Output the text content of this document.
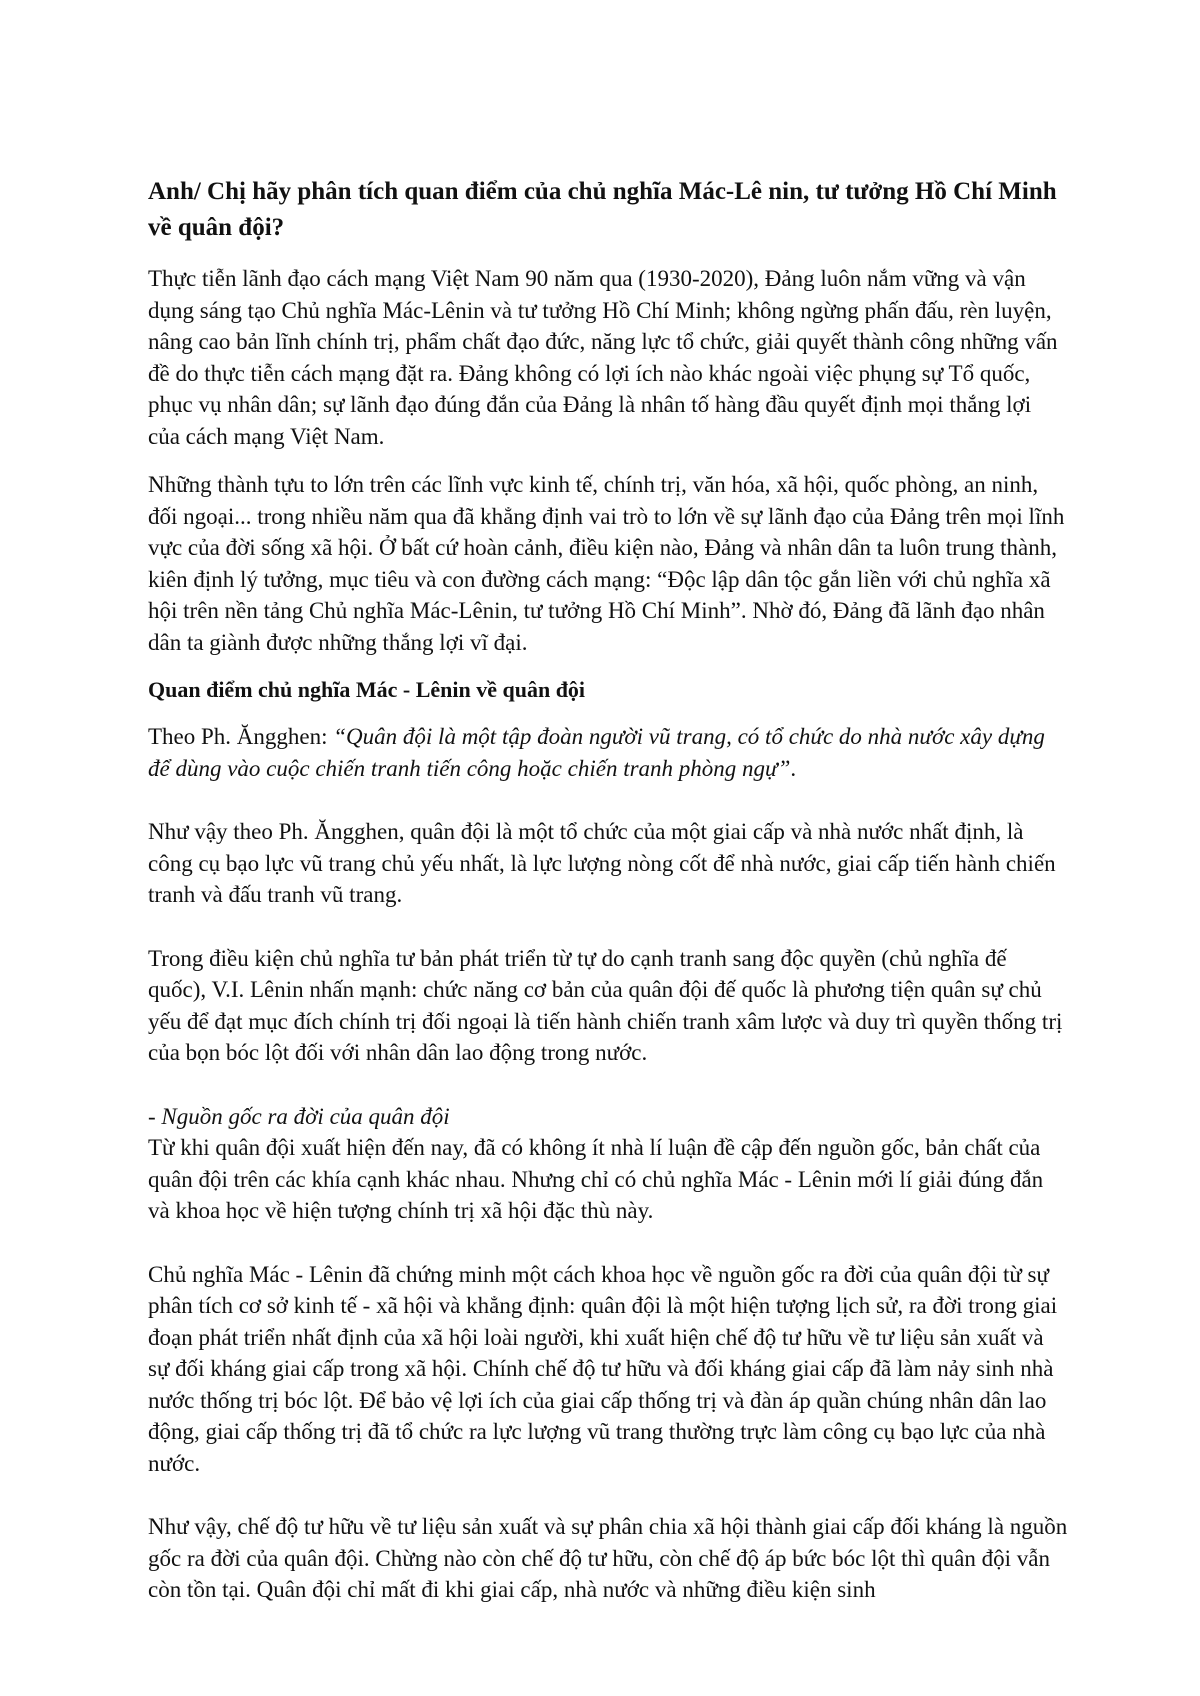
Anh/ Chị hãy phân tích quan điểm của chủ nghĩa Mác-Lê nin, tư tưởng Hồ Chí Minh về quân đội?

Thực tiễn lãnh đạo cách mạng Việt Nam 90 năm qua (1930-2020), Đảng luôn nắm vững và vận dụng sáng tạo Chủ nghĩa Mác-Lênin và tư tưởng Hồ Chí Minh; không ngừng phấn đấu, rèn luyện, nâng cao bản lĩnh chính trị, phẩm chất đạo đức, năng lực tổ chức, giải quyết thành công những vấn đề do thực tiễn cách mạng đặt ra. Đảng không có lợi ích nào khác ngoài việc phụng sự Tổ quốc, phục vụ nhân dân; sự lãnh đạo đúng đắn của Đảng là nhân tố hàng đầu quyết định mọi thắng lợi của cách mạng Việt Nam.

Những thành tựu to lớn trên các lĩnh vực kinh tế, chính trị, văn hóa, xã hội, quốc phòng, an ninh, đối ngoại... trong nhiều năm qua đã khẳng định vai trò to lớn về sự lãnh đạo của Đảng trên mọi lĩnh vực của đời sống xã hội. Ở bất cứ hoàn cảnh, điều kiện nào, Đảng và nhân dân ta luôn trung thành, kiên định lý tưởng, mục tiêu và con đường cách mạng: “Độc lập dân tộc gắn liền với chủ nghĩa xã hội trên nền tảng Chủ nghĩa Mác-Lênin, tư tưởng Hồ Chí Minh”. Nhờ đó, Đảng đã lãnh đạo nhân dân ta giành được những thắng lợi vĩ đại.

Quan điểm chủ nghĩa Mác - Lênin về quân đội

Theo Ph. Ăngghen: “Quân đội là một tập đoàn người vũ trang, có tổ chức do nhà nước xây dựng để dùng vào cuộc chiến tranh tiến công hoặc chiến tranh phòng ngự”.

Như vậy theo Ph. Ăngghen, quân đội là một tổ chức của một giai cấp và nhà nước nhất định, là công cụ bạo lực vũ trang chủ yếu nhất, là lực lượng nòng cốt để nhà nước, giai cấp tiến hành chiến tranh và đấu tranh vũ trang.

Trong điều kiện chủ nghĩa tư bản phát triển từ tự do cạnh tranh sang độc quyền (chủ nghĩa đế quốc), V.I. Lênin nhấn mạnh: chức năng cơ bản của quân đội đế quốc là phương tiện quân sự chủ yếu để đạt mục đích chính trị đối ngoại là tiến hành chiến tranh xâm lược và duy trì quyền thống trị của bọn bóc lột đối với nhân dân lao động trong nước.

- Nguồn gốc ra đời của quân đội
Từ khi quân đội xuất hiện đến nay, đã có không ít nhà lí luận đề cập đến nguồn gốc, bản chất của quân đội trên các khía cạnh khác nhau. Nhưng chỉ có chủ nghĩa Mác - Lênin mới lí giải đúng đắn và khoa học về hiện tượng chính trị xã hội đặc thù này.

Chủ nghĩa Mác - Lênin đã chứng minh một cách khoa học về nguồn gốc ra đời của quân đội từ sự phân tích cơ sở kinh tế - xã hội và khẳng định: quân đội là một hiện tượng lịch sử, ra đời trong giai đoạn phát triển nhất định của xã hội loài người, khi xuất hiện chế độ tư hữu về tư liệu sản xuất và sự đối kháng giai cấp trong xã hội. Chính chế độ tư hữu và đối kháng giai cấp đã làm nảy sinh nhà nước thống trị bóc lột. Để bảo vệ lợi ích của giai cấp thống trị và đàn áp quần chúng nhân dân lao động, giai cấp thống trị đã tổ chức ra lực lượng vũ trang thường trực làm công cụ bạo lực của nhà nước.

Như vậy, chế độ tư hữu về tư liệu sản xuất và sự phân chia xã hội thành giai cấp đối kháng là nguồn gốc ra đời của quân đội. Chừng nào còn chế độ tư hữu, còn chế độ áp bức bóc lột thì quân đội vẫn còn tồn tại. Quân đội chỉ mất đi khi giai cấp, nhà nước và những điều kiện sinh
